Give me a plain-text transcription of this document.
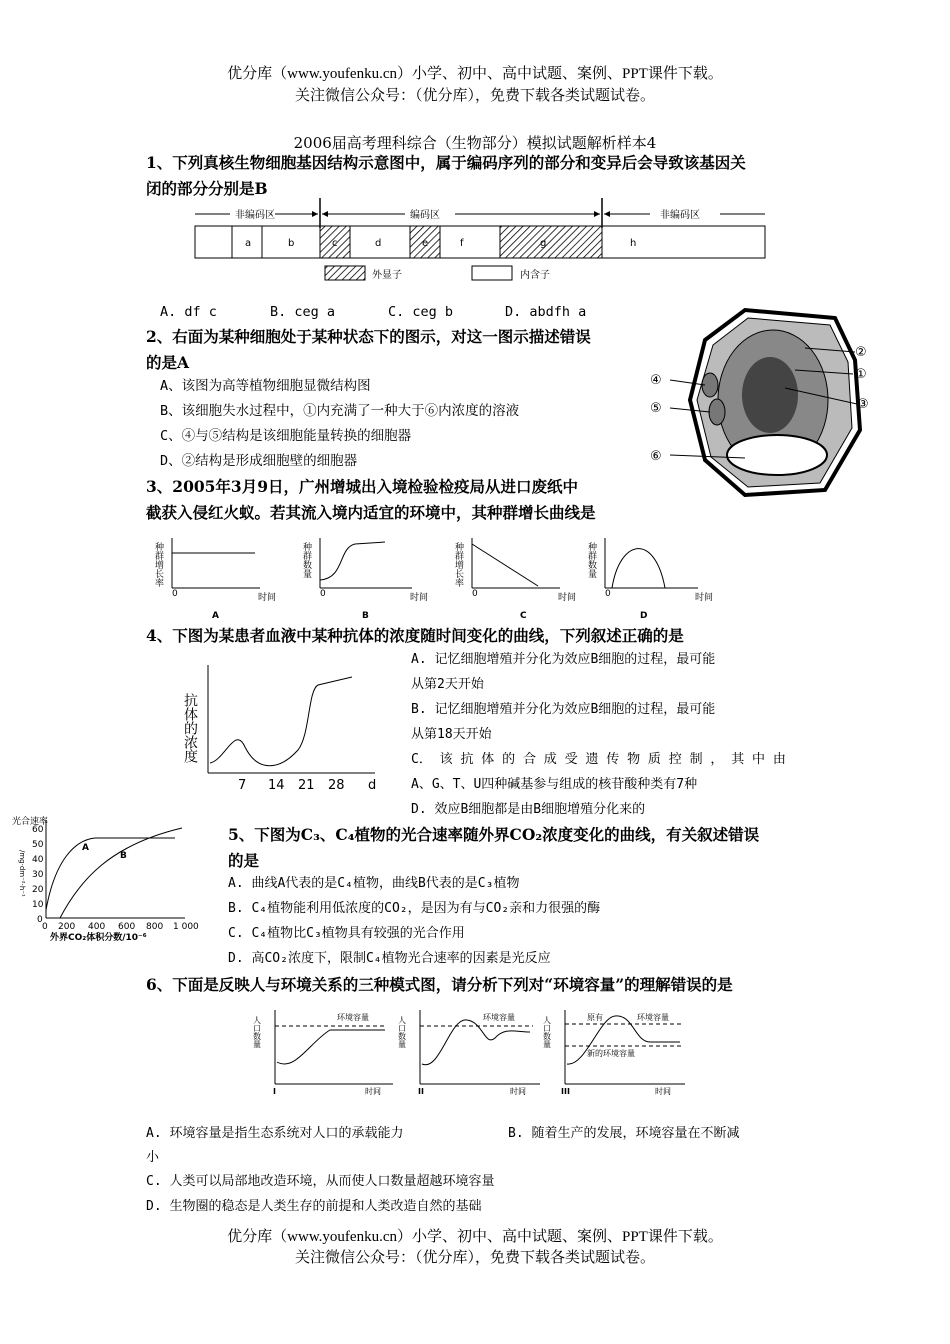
优分库（www.youfenku.cn）小学、初中、高中试题、案例、PPT课件下载。
关注微信公众号：（优分库），免费下载各类试题试卷。
2006届高考理科综合（生物部分）模拟试题解析样本4
1、下列真核生物细胞基因结构示意图中，属于编码序列的部分和变异后会导致该基因关
闭的部分分别是B
非编码区	编码区	非编码区
a	b	c	d	e	f	g	h
外显子	内含子
A. df c	B. ceg a	C. ceg b	D. abdfh a
2、右面为某种细胞处于某种状态下的图示，对这一图示描述错误
的是A
A、该图为高等植物细胞显微结构图
B、该细胞失水过程中，①内充满了一种大于⑥内浓度的溶液
C、④与⑤结构是该细胞能量转换的细胞器
D、②结构是形成细胞壁的细胞器
②
①
③
④
⑤
⑥
3、2005年3月9日，广州增城出入境检验检疫局从进口废纸中
截获入侵红火蚁。若其流入境内适宜的环境中，其种群增长曲线是
种群增长率
0	时间
A
种群数量
0	时间
B
种群增长率
0	时间
C
种群数量
0	时间
D
4、下图为某患者血液中某种抗体的浓度随时间变化的曲线，下列叙述正确的是
抗体的浓度
7 14 21 28 d
A. 记忆细胞增殖并分化为效应B细胞的过程，最可能
从第2天开始
B. 记忆细胞增殖并分化为效应B细胞的过程，最可能
从第18天开始
C． 该 抗 体 的 合 成 受 遗 传 物 质 控 制 ， 其 中 由
A、G、T、U四种碱基参与组成的核苷酸种类有7种
D. 效应B细胞都是由B细胞增殖分化来的
A
B
光合速率
/mg·dm⁻²·h⁻¹
60
50
40
30
20
10
0
0 200 400 600 800 1 000
外界CO₂体积分数/10⁻⁶
5、下图为C₃、C₄植物的光合速率随外界CO₂浓度变化的曲线，有关叙述错误
的是
A. 曲线A代表的是C₄植物，曲线B代表的是C₃植物
B. C₄植物能利用低浓度的CO₂，是因为有与CO₂亲和力很强的酶
C. C₄植物比C₃植物具有较强的光合作用
D. 高CO₂浓度下，限制C₄植物光合速率的因素是光反应
6、下面是反映人与环境关系的三种模式图，请分析下列对“环境容量”的理解错误的是
人口数量	环境容量
时间
I
人口数量	环境容量
时间
II
人口数量	原有	环境容量
新的环境容量
时间
III
A. 环境容量是指生态系统对人口的承载能力	B. 随着生产的发展，环境容量在不断减
小
C. 人类可以局部地改造环境，从而使人口数量超越环境容量
D. 生物圈的稳态是人类生存的前提和人类改造自然的基础
优分库（www.youfenku.cn）小学、初中、高中试题、案例、PPT课件下载。
关注微信公众号：（优分库），免费下载各类试题试卷。
